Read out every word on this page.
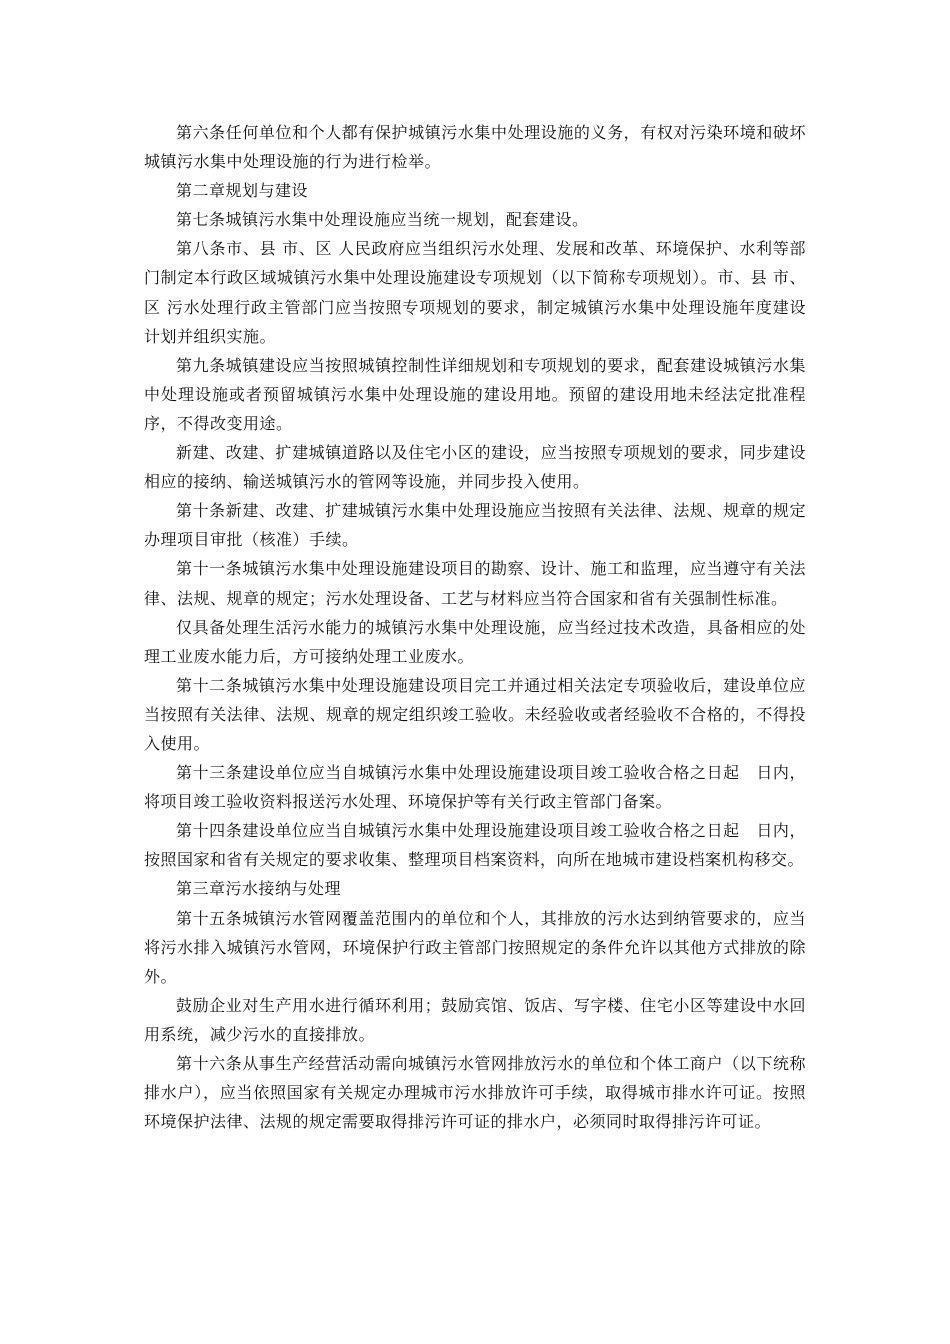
第六条任何单位和个人都有保护城镇污水集中处理设施的义务，有权对污染环境和破坏城镇污水集中处理设施的行为进行检举。

第二章规划与建设

第七条城镇污水集中处理设施应当统一规划，配套建设。

第八条市、县 市、区 人民政府应当组织污水处理、发展和改革、环境保护、水利等部门制定本行政区域城镇污水集中处理设施建设专项规划（以下简称专项规划）。市、县 市、区 污水处理行政主管部门应当按照专项规划的要求，制定城镇污水集中处理设施年度建设计划并组织实施。

第九条城镇建设应当按照城镇控制性详细规划和专项规划的要求，配套建设城镇污水集中处理设施或者预留城镇污水集中处理设施的建设用地。预留的建设用地未经法定批准程序，不得改变用途。

新建、改建、扩建城镇道路以及住宅小区的建设，应当按照专项规划的要求，同步建设相应的接纳、输送城镇污水的管网等设施，并同步投入使用。

第十条新建、改建、扩建城镇污水集中处理设施应当按照有关法律、法规、规章的规定办理项目审批（核准）手续。

第十一条城镇污水集中处理设施建设项目的勘察、设计、施工和监理，应当遵守有关法律、法规、规章的规定；污水处理设备、工艺与材料应当符合国家和省有关强制性标准。

仅具备处理生活污水能力的城镇污水集中处理设施，应当经过技术改造，具备相应的处理工业废水能力后，方可接纳处理工业废水。

第十二条城镇污水集中处理设施建设项目完工并通过相关法定专项验收后，建设单位应当按照有关法律、法规、规章的规定组织竣工验收。未经验收或者经验收不合格的，不得投入使用。

第十三条建设单位应当自城镇污水集中处理设施建设项目竣工验收合格之日起　日内，将项目竣工验收资料报送污水处理、环境保护等有关行政主管部门备案。

第十四条建设单位应当自城镇污水集中处理设施建设项目竣工验收合格之日起　日内，按照国家和省有关规定的要求收集、整理项目档案资料，向所在地城市建设档案机构移交。

第三章污水接纳与处理

第十五条城镇污水管网覆盖范围内的单位和个人，其排放的污水达到纳管要求的，应当将污水排入城镇污水管网，环境保护行政主管部门按照规定的条件允许以其他方式排放的除外。

鼓励企业对生产用水进行循环利用；鼓励宾馆、饭店、写字楼、住宅小区等建设中水回用系统，减少污水的直接排放。

第十六条从事生产经营活动需向城镇污水管网排放污水的单位和个体工商户（以下统称排水户），应当依照国家有关规定办理城市污水排放许可手续，取得城市排水许可证。按照环境保护法律、法规的规定需要取得排污许可证的排水户，必须同时取得排污许可证。
